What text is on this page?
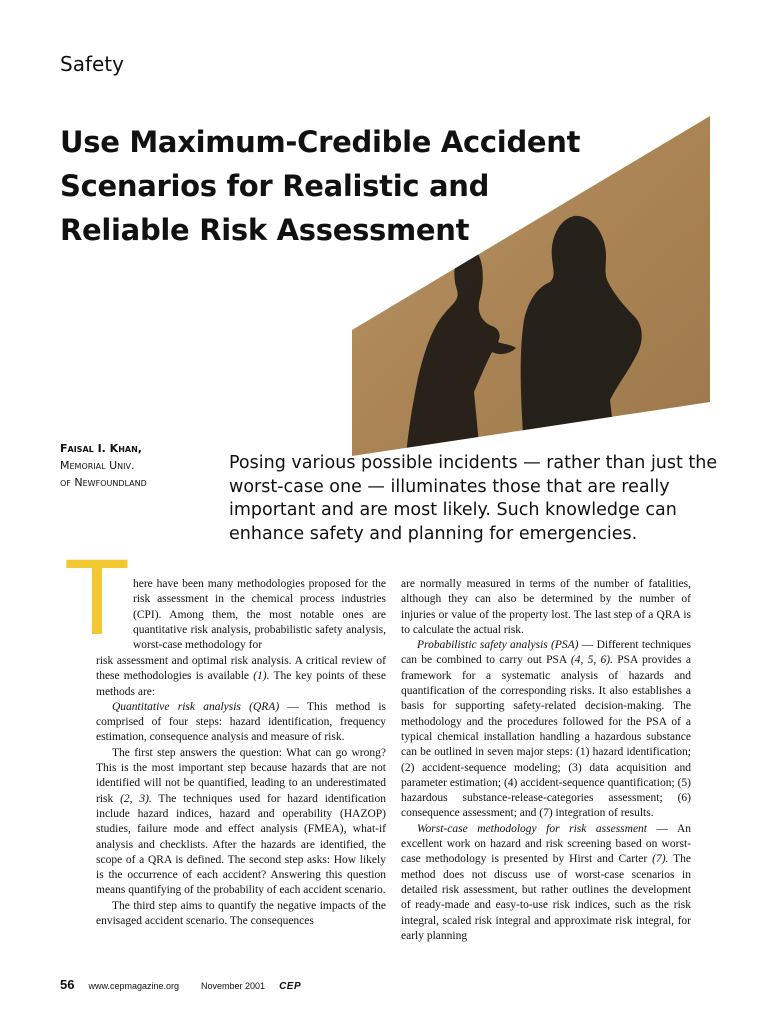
Safety
Use Maximum-Credible Accident
Scenarios for Realistic and
Reliable Risk Assessment
Faisal I. Khan,
Memorial Univ.
of Newfoundland
Posing various possible incidents — rather than just the worst-case one — illuminates those that are really important and are most likely. Such knowledge can enhance safety and planning for emergencies.
T here have been many methodologies proposed for the risk assessment in the chemical process industries (CPI). Among them, the most notable ones are quantitative risk analysis, probabilistic safety analysis, worst-case methodology for

risk assessment and optimal risk analysis. A critical review of these methodologies is available (1). The key points of these methods are:

Quantitative risk analysis (QRA) — This method is comprised of four steps: hazard identification, frequency estimation, consequence analysis and measure of risk.

The first step answers the question: What can go wrong? This is the most important step because hazards that are not identified will not be quantified, leading to an underestimated risk (2, 3). The techniques used for hazard identification include hazard indices, hazard and operability (HAZOP) studies, failure mode and effect analysis (FMEA), what-if analysis and checklists. After the hazards are identified, the scope of a QRA is defined. The second step asks: How likely is the occurrence of each accident? Answering this question means quantifying of the probability of each accident scenario.

The third step aims to quantify the negative impacts of the envisaged accident scenario. The consequences

are normally measured in terms of the number of fatalities, although they can also be determined by the number of injuries or value of the property lost. The last step of a QRA is to calculate the actual risk.

Probabilistic safety analysis (PSA) — Different techniques can be combined to carry out PSA (4, 5, 6). PSA provides a framework for a systematic analysis of hazards and quantification of the corresponding risks. It also establishes a basis for supporting safety-related decision-making. The methodology and the procedures followed for the PSA of a typical chemical installation handling a hazardous substance can be outlined in seven major steps: (1) hazard identification; (2) accident-sequence modeling; (3) data acquisition and parameter estimation; (4) accident-sequence quantification; (5) hazardous substance-release-categories assessment; (6) consequence assessment; and (7) integration of results.

Worst-case methodology for risk assessment — An excellent work on hazard and risk screening based on worst-case methodology is presented by Hirst and Carter (7). The method does not discuss use of worst-case scenarios in detailed risk assessment, but rather outlines the development of ready-made and easy-to-use risk indices, such as the risk integral, scaled risk integral and approximate risk integral, for early planning

56 www.cepmagazine.org November 2001 CEP
